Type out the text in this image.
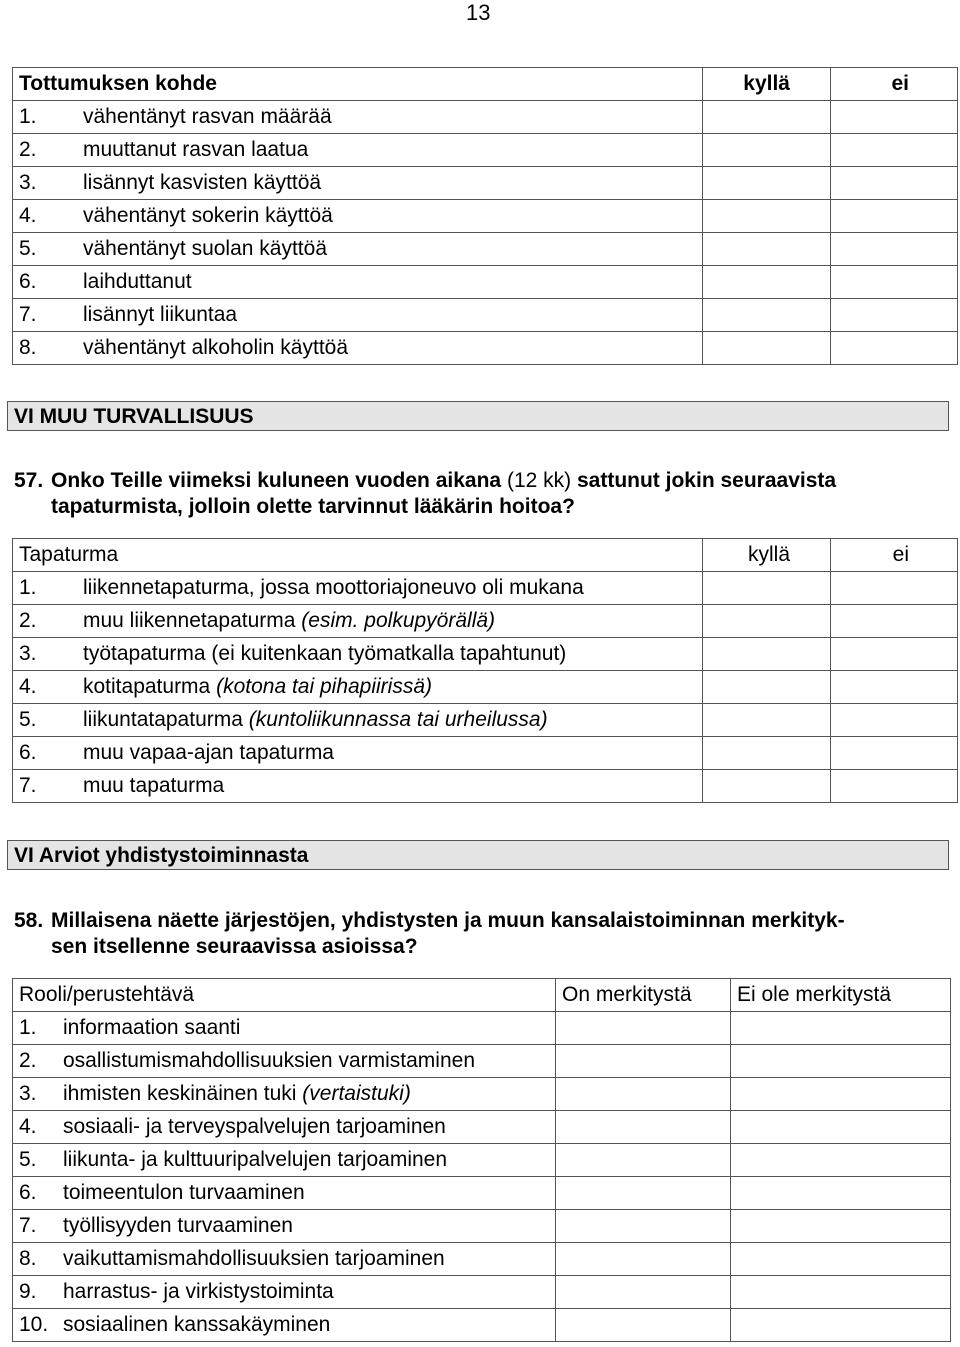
13
Tottumuksen kohde	kyllä	ei
1. vähentänyt rasvan määrää		
2. muuttanut rasvan laatua		
3. lisännyt kasvisten käyttöä		
4. vähentänyt sokerin käyttöä		
5. vähentänyt suolan käyttöä		
6. laihduttanut		
7. lisännyt liikuntaa		
8. vähentänyt alkoholin käyttöä		
VI MUU TURVALLISUUS
57. Onko Teille viimeksi kuluneen vuoden aikana (12 kk) sattunut jokin seuraavista
tapaturmista, jolloin olette tarvinnut lääkärin hoitoa?
Tapaturma	kyllä	ei
1. liikennetapaturma, jossa moottoriajoneuvo oli mukana		
2. muu liikennetapaturma (esim. polkupyörällä)		
3. työtapaturma (ei kuitenkaan työmatkalla tapahtunut)		
4. kotitapaturma (kotona tai pihapiirissä)		
5. liikuntatapaturma (kuntoliikunnassa tai urheilussa)		
6. muu vapaa-ajan tapaturma		
7. muu tapaturma		
VI Arviot yhdistystoiminnasta
58. Millaisena näette järjestöjen, yhdistysten ja muun kansalaistoiminnan merkityk-
sen itsellenne seuraavissa asioissa?
Rooli/perustehtävä	On merkitystä	Ei ole merkitystä
1. informaation saanti		
2. osallistumismahdollisuuksien varmistaminen		
3. ihmisten keskinäinen tuki (vertaistuki)		
4. sosiaali- ja terveyspalvelujen tarjoaminen		
5. liikunta- ja kulttuuripalvelujen tarjoaminen		
6. toimeentulon turvaaminen		
7. työllisyyden turvaaminen		
8. vaikuttamismahdollisuuksien tarjoaminen		
9. harrastus- ja virkistystoiminta		
10. sosiaalinen kanssakäyminen		
